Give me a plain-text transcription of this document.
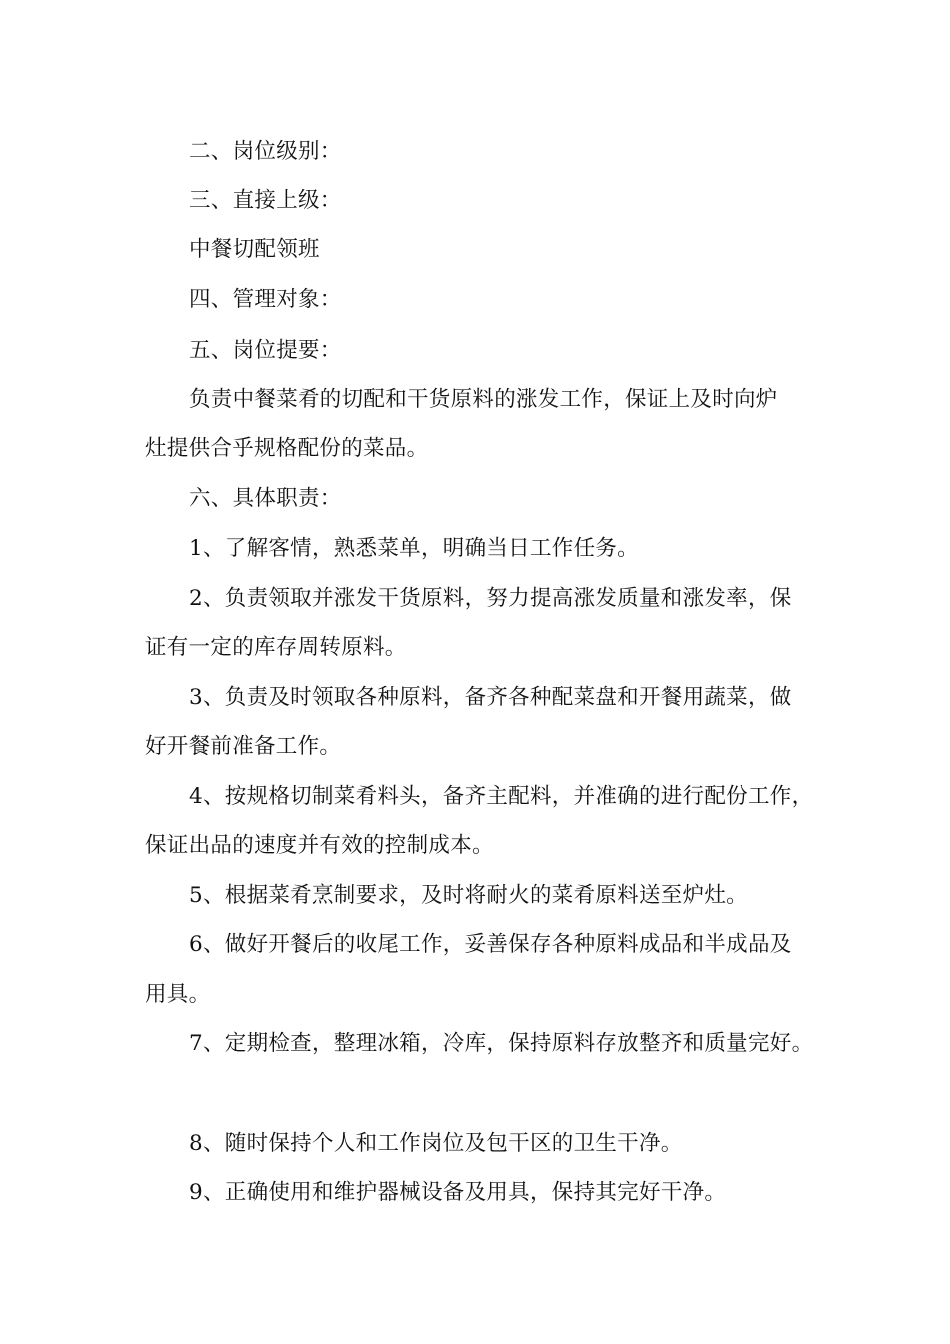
二、岗位级别：
三、直接上级：
中餐切配领班
四、管理对象：
五、岗位提要：
负责中餐菜肴的切配和干货原料的涨发工作，保证上及时向炉
灶提供合乎规格配份的菜品。
六、具体职责：
1、了解客情，熟悉菜单，明确当日工作任务。
2、负责领取并涨发干货原料，努力提高涨发质量和涨发率，保
证有一定的库存周转原料。
3、负责及时领取各种原料，备齐各种配菜盘和开餐用蔬菜，做
好开餐前准备工作。
4、按规格切制菜肴料头，备齐主配料，并准确的进行配份工作，
保证出品的速度并有效的控制成本。
5、根据菜肴烹制要求，及时将耐火的菜肴原料送至炉灶。
6、做好开餐后的收尾工作，妥善保存各种原料成品和半成品及
用具。
7、定期检查，整理冰箱，冷库，保持原料存放整齐和质量完好。
8、随时保持个人和工作岗位及包干区的卫生干净。
9、正确使用和维护器械设备及用具，保持其完好干净。
